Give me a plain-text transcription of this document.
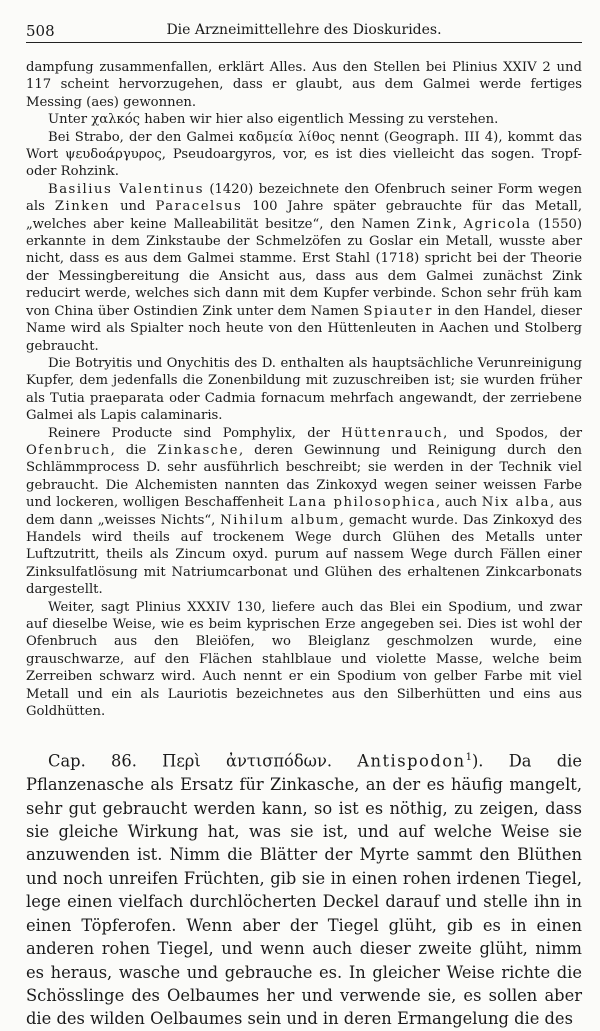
508	Die Arzneimittellehre des Dioskurides.

dampfung zusammenfallen, erklärt Alles. Aus den Stellen bei Plinius XXIV 2 und 117 scheint hervorzugehen, dass er glaubt, aus dem Galmei werde fertiges Messing (aes) gewonnen.

Unter χαλκός haben wir hier also eigentlich Messing zu verstehen.

Bei Strabo, der den Galmei καδμεία λίθος nennt (Geograph. III 4), kommt das Wort ψευδοάργυρος, Pseudoargyros, vor, es ist dies vielleicht das sogen. Tropf- oder Rohzink.

Basilius Valentinus (1420) bezeichnete den Ofenbruch seiner Form wegen als Zinken und Paracelsus 100 Jahre später gebrauchte für das Metall, „welches aber keine Malleabilität besitze“, den Namen Zink, Agricola (1550) erkannte in dem Zinkstaube der Schmelzöfen zu Goslar ein Metall, wusste aber nicht, dass es aus dem Galmei stamme. Erst Stahl (1718) spricht bei der Theorie der Messingbereitung die Ansicht aus, dass aus dem Galmei zunächst Zink reducirt werde, welches sich dann mit dem Kupfer verbinde. Schon sehr früh kam von China über Ostindien Zink unter dem Namen Spiauter in den Handel, dieser Name wird als Spialter noch heute von den Hüttenleuten in Aachen und Stolberg gebraucht.

Die Botryitis und Onychitis des D. enthalten als hauptsächliche Verunreinigung Kupfer, dem jedenfalls die Zonenbildung mit zuzuschreiben ist; sie wurden früher als Tutia praeparata oder Cadmia fornacum mehrfach angewandt, der zerriebene Galmei als Lapis calaminaris.

Reinere Producte sind Pomphylix, der Hüttenrauch, und Spodos, der Ofenbruch, die Zinkasche, deren Gewinnung und Reinigung durch den Schlämmprocess D. sehr ausführlich beschreibt; sie werden in der Technik viel gebraucht. Die Alchemisten nannten das Zinkoxyd wegen seiner weissen Farbe und lockeren, wolligen Beschaffenheit Lana philosophica, auch Nix alba, aus dem dann „weisses Nichts“, Nihilum album, gemacht wurde. Das Zinkoxyd des Handels wird theils auf trockenem Wege durch Glühen des Metalls unter Luftzutritt, theils als Zincum oxyd. purum auf nassem Wege durch Fällen einer Zinksulfatlösung mit Natriumcarbonat und Glühen des erhaltenen Zinkcarbonats dargestellt.

Weiter, sagt Plinius XXXIV 130, liefere auch das Blei ein Spodium, und zwar auf dieselbe Weise, wie es beim kyprischen Erze angegeben sei. Dies ist wohl der Ofenbruch aus den Bleiöfen, wo Bleiglanz geschmolzen wurde, eine grauschwarze, auf den Flächen stahlblaue und violette Masse, welche beim Zerreiben schwarz wird. Auch nennt er ein Spodium von gelber Farbe mit viel Metall und ein als Lauriotis bezeichnetes aus den Silberhütten und eins aus Goldhütten.

Cap. 86. Περὶ ἀντισπόδων. Antispodon$^1$). Da die Pflanzenasche als Ersatz für Zinkasche, an der es häufig mangelt, sehr gut gebraucht werden kann, so ist es nöthig, zu zeigen, dass sie gleiche Wirkung hat, was sie ist, und auf welche Weise sie anzuwenden ist. Nimm die Blätter der Myrte sammt den Blüthen und noch unreifen Früchten, gib sie in einen rohen irdenen Tiegel, lege einen vielfach durchlöcherten Deckel darauf und stelle ihn in einen Töpferofen. Wenn aber der Tiegel glüht, gib es in einen anderen rohen Tiegel, und wenn auch dieser zweite glüht, nimm es heraus, wasche und gebrauche es. In gleicher Weise richte die Schösslinge des Oelbaumes her und verwende sie, es sollen aber die des wilden Oelbaumes sein und in deren Ermangelung die des
